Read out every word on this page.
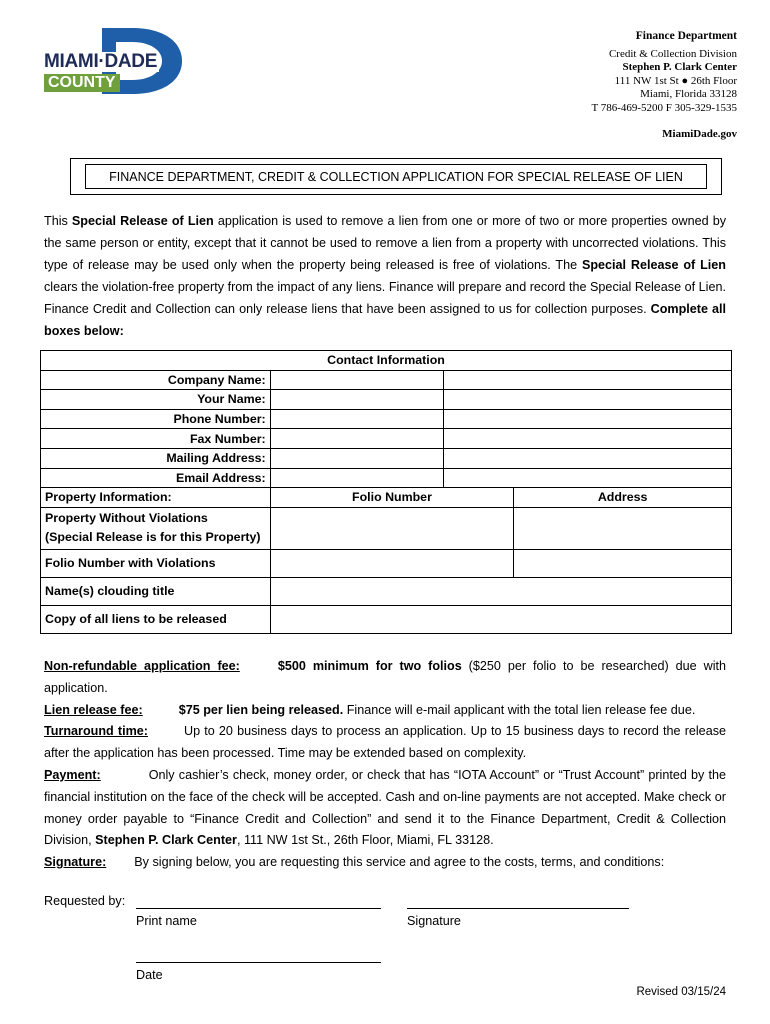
MIAMI·DADE
COUNTY
Finance Department
Credit & Collection Division
Stephen P. Clark Center
111 NW 1st St ● 26th Floor
Miami, Florida 33128
T 786-469-5200 F 305-329-1535
MiamiDade.gov
FINANCE DEPARTMENT, CREDIT & COLLECTION APPLICATION FOR SPECIAL RELEASE OF LIEN
This Special Release of Lien application is used to remove a lien from one or more of two or more properties owned by the same person or entity, except that it cannot be used to remove a lien from a property with uncorrected violations. This type of release may be used only when the property being released is free of violations. The Special Release of Lien clears the violation-free property from the impact of any liens. Finance will prepare and record the Special Release of Lien. Finance Credit and Collection can only release liens that have been assigned to us for collection purposes. Complete all boxes below:
Contact Information			
Company Name:			
Your Name:			
Phone Number:			
Fax Number:			
Mailing Address:			
Email Address:			
Property Information:	Folio Number		Address

Property Without Violations
(Special Release is for this Property)			

Folio Number with Violations			
Name(s) clouding title			
Copy of all liens to be released			

Non-refundable application fee:	$500 minimum for two folios ($250 per folio to be researched) due with application.

Lien release fee:	$75 per lien being released. Finance will e-mail applicant with the total lien release fee due.

Turnaround time:	Up to 20 business days to process an application. Up to 15 business days to record the release after the application has been processed. Time may be extended based on complexity.

Payment:	Only cashier’s check, money order, or check that has “IOTA Account” or “Trust Account” printed by the financial institution on the face of the check will be accepted. Cash and on-line payments are not accepted. Make check or money order payable to “Finance Credit and Collection” and send it to the Finance Department, Credit & Collection Division, Stephen P. Clark Center, 111 NW 1st St., 26th Floor, Miami, FL 33128.

Signature: By signing below, you are requesting this service and agree to the costs, terms, and conditions:

Requested by:
Print name	Signature
Date
Revised 03/15/24
